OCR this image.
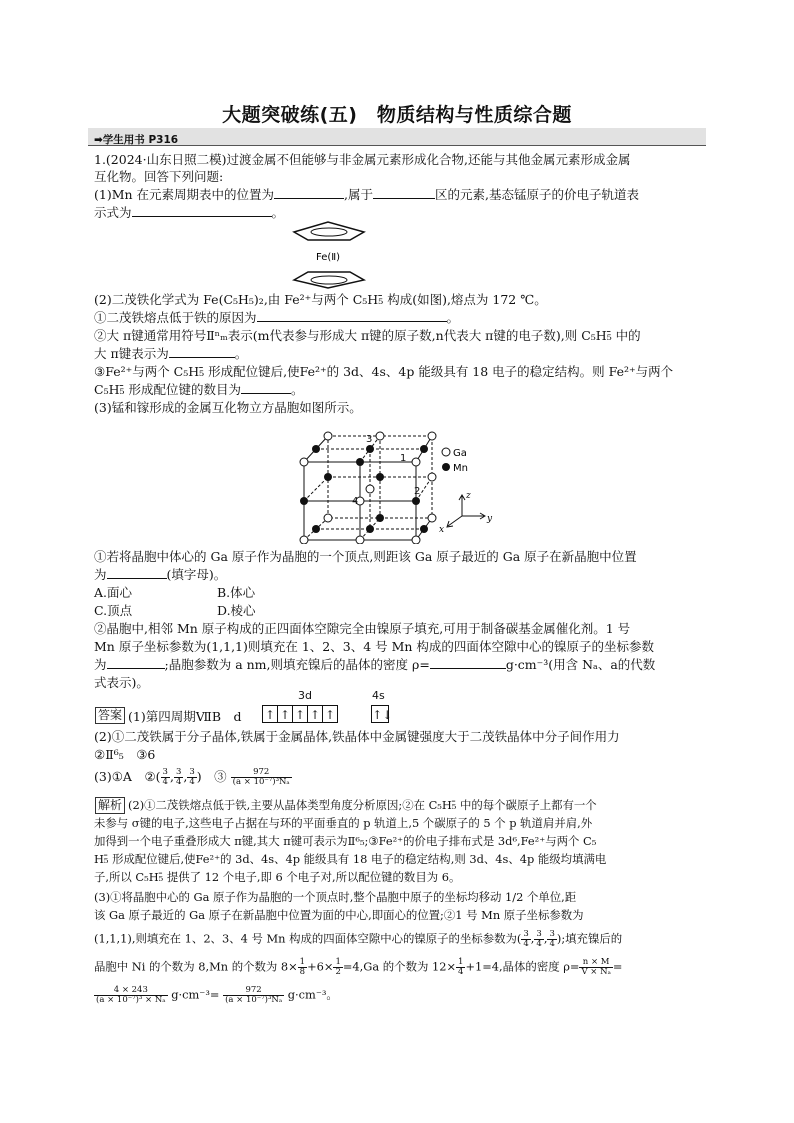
大题突破练(五)　物质结构与性质综合题
➡学生用书 P316
1.(2024·山东日照二模)过渡金属不但能够与非金属元素形成化合物,还能与其他金属元素形成金属
互化物。回答下列问题:
(1)Mn 在元素周期表中的位置为	,属于	区的元素,基态锰原子的价电子轨道表
示式为	。
Fe(Ⅱ)
(2)二茂铁化学式为 Fe(C₅H₅)₂,由 Fe²⁺与两个 C₅H₅̄ 构成(如图),熔点为 172 ℃。
①二茂铁熔点低于铁的原因为	。
②大 π键通常用符号Ⅱⁿₘ表示(m代表参与形成大 π键的原子数,n代表大 π键的电子数),则 C₅H₅̄ 中的
大 π键表示为	。
③Fe²⁺与两个 C₅H₅̄ 形成配位键后,使Fe²⁺的 3d、4s、4p 能级具有 18 电子的稳定结构。则 Fe²⁺与两个
C₅H₅̄ 形成配位键的数目为	。
(3)锰和镓形成的金属互化物立方晶胞如图所示。
3
1
2
4
Ga
Mn
z
y
x
①若将晶胞中体心的 Ga 原子作为晶胞的一个顶点,则距该 Ga 原子最近的 Ga 原子在新晶胞中位置
为	(填字母)。
A.面心	B.体心
C.顶点	D.棱心
②晶胞中,相邻 Mn 原子构成的正四面体空隙完全由镍原子填充,可用于制备碳基金属催化剂。1 号
Mn 原子坐标参数为(1,1,1)则填充在 1、2、3、4 号 Mn 构成的四面体空隙中心的镍原子的坐标参数
为	;晶胞参数为 a nm,则填充镍后的晶体的密度 ρ=	g·cm⁻³(用含 Nₐ、a的代数
式表示)。
答案 (1)第四周期ⅦB　d
3d
↑ ↑ ↑ ↑ ↑
4s
↑↓
(2)①二茂铁属于分子晶体,铁属于金属晶体,铁晶体中金属键强度大于二茂铁晶体中分子间作用力
②Ⅱ⁶₅　③6
(3)①A　②( $\frac{3}{4}$ , $\frac{3}{4}$ , $\frac{3}{4}$ )　③ $\frac{972}{\text{(a × 10⁻⁷)³Nₐ}}$
解析 (2)①二茂铁熔点低于铁,主要从晶体类型角度分析原因;②在 C₅H₅̄ 中的每个碳原子上都有一个
未参与 σ键的电子,这些电子占据在与环的平面垂直的 p 轨道上,5 个碳原子的 5 个 p 轨道肩并肩,外
加得到一个电子重叠形成大 π键,其大 π键可表示为Ⅱ⁶₅;③Fe²⁺的价电子排布式是 3d⁶,Fe²⁺与两个 C₅
H₅̄ 形成配位键后,使Fe²⁺的 3d、4s、4p 能级具有 18 电子的稳定结构,则 3d、4s、4p 能级均填满电
子,所以 C₅H₅̄ 提供了 12 个电子,即 6 个电子对,所以配位键的数目为 6。
(3)①将晶胞中心的 Ga 原子作为晶胞的一个顶点时,整个晶胞中原子的坐标均移动 1/2 个单位,距
该 Ga 原子最近的 Ga 原子在新晶胞中位置为面的中心,即面心的位置;②1 号 Mn 原子坐标参数为
(1,1,1),则填充在 1、2、3、4 号 Mn 构成的四面体空隙中心的镍原子的坐标参数为( $\frac{3}{4}$ , $\frac{3}{4}$ , $\frac{3}{4}$ );填充镍后的
晶胞中 Ni 的个数为 8,Mn 的个数为 $8\times \frac{1}{8} +6\times \frac{1}{2} =4,Ga$ 的个数为 $12\times \frac{1}{4} +1=4$,晶体的密度 $\rho= \frac{n \times M}{\text{V × Nₐ}}$ =
$\frac{4 \times 243}{\text{(a × 10⁻⁷)³ × Nₐ}} g\cdot cm^{-3}= \frac{972}{\text{(a × 10⁻⁷)³Nₐ}} g\cdot cm^{-3}$。
